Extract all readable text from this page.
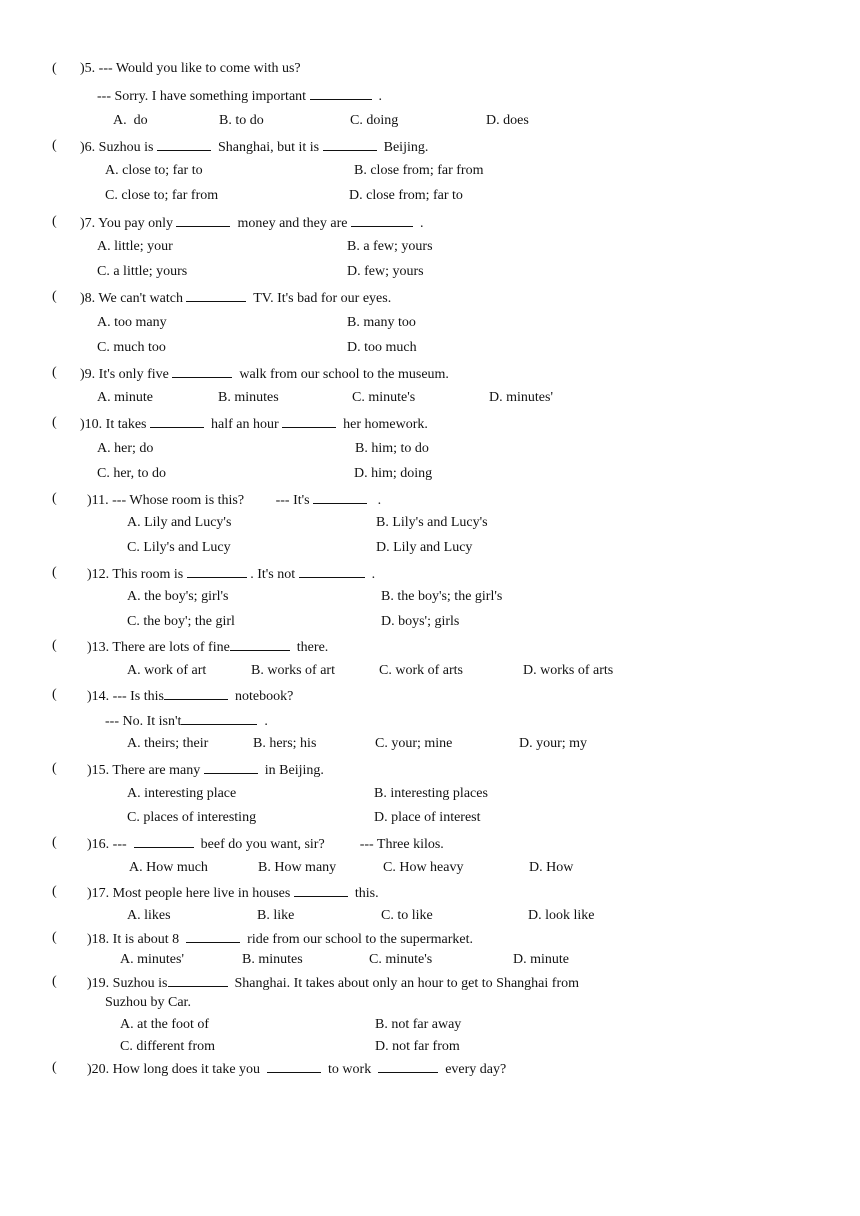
( )5. --- Would you like to come with us?
--- Sorry. I have something important	.
A.  do	B. to do	C. doing	D. does
( )6. Suzhou is	Shanghai, but it is	Beijing.
A. close to; far to	B. close from; far from
C. close to; far from	D. close from; far to
( )7. You pay only	money and they are	.
A. little; your	B. a few; yours
C. a little; yours	D. few; yours
( )8. We can't watch	TV. It's bad for our eyes.
A. too many	B. many too
C. much too	D. too much
( )9. It's only five	walk from our school to the museum.
A. minute	B. minutes	C. minute's	D. minutes'
( )10. It takes	half an hour	her homework.
A. her; do	B. him; to do
C. her, to do	D. him; doing
( )11. --- Whose room is this? --- It's	.
A. Lily and Lucy's	B. Lily's and Lucy's
C. Lily's and Lucy	D. Lily and Lucy
( )12. This room is	. It's not	.
A. the boy's; girl's	B. the boy's; the girl's
C. the boy'; the girl	D. boys'; girls
( )13. There are lots of fine	there.
A. work of art	B. works of art	C. work of arts	D. works of arts
( )14. --- Is this	notebook?
--- No. It isn't	.
A. theirs; their	B. hers; his	C. your; mine	D. your; my
( )15. There are many	in Beijing.
A. interesting place	B. interesting places
C. places of interesting	D. place of interest
( )16. ---	beef do you want, sir?	--- Three kilos.
A. How much	B. How many	C. How heavy	D. How
( )17. Most people here live in houses	this.
A. likes	B. like	C. to like	D. look like
( )18. It is about 8	ride from our school to the supermarket.
A. minutes'	B. minutes	C. minute's	D. minute
( )19. Suzhou is	Shanghai. It takes about only an hour to get to Shanghai from
Suzhou by Car.
A. at the foot of	B. not far away
C. different from	D. not far from
( )20. How long does it take you	to work	every day?
